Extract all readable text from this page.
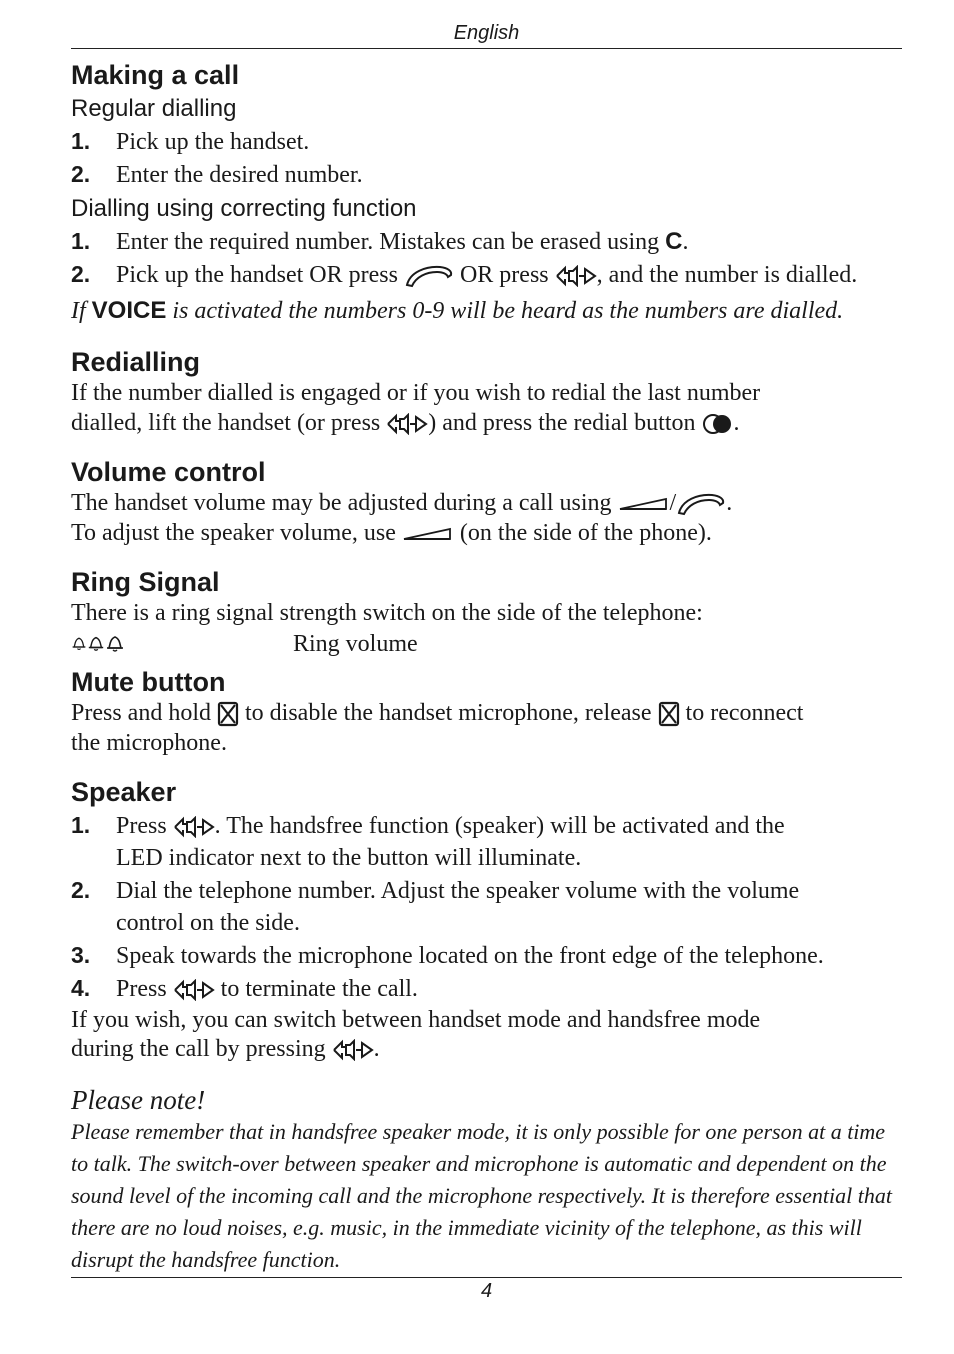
English
Making a call
Regular dialling
1. Pick up the handset.
2. Enter the desired number.
Dialling using correcting function
1. Enter the required number. Mistakes can be erased using C.
2. Pick up the handset OR press	OR press , and the number is dialled.
If VOICE is activated the numbers 0-9 will be heard as the numbers are dialled.
Redialling
If the number dialled is engaged or if you wish to redial the last number
dialled, lift the handset (or press ) and press the redial button .
Volume control
The handset volume may be adjusted during a call using / .
To adjust the speaker volume, use	(on the side of the phone).
Ring Signal
There is a ring signal strength switch on the side of the telephone:
Ring volume
Mute button
Press and hold to disable the handset microphone, release to reconnect
the microphone.
Speaker
1. Press . The handsfree function (speaker) will be activated and the
LED indicator next to the button will illuminate.
2. Dial the telephone number. Adjust the speaker volume with the volume
control on the side.
3. Speak towards the microphone located on the front edge of the telephone.
4. Press to terminate the call.
If you wish, you can switch between handset mode and handsfree mode
during the call by pressing .
Please note!
Please remember that in handsfree speaker mode, it is only possible for one person at a time
to talk. The switch-over between speaker and microphone is automatic and dependent on the
sound level of the incoming call and the microphone respectively. It is therefore essential that
there are no loud noises, e.g. music, in the immediate vicinity of the telephone, as this will
disrupt the handsfree function.
4
